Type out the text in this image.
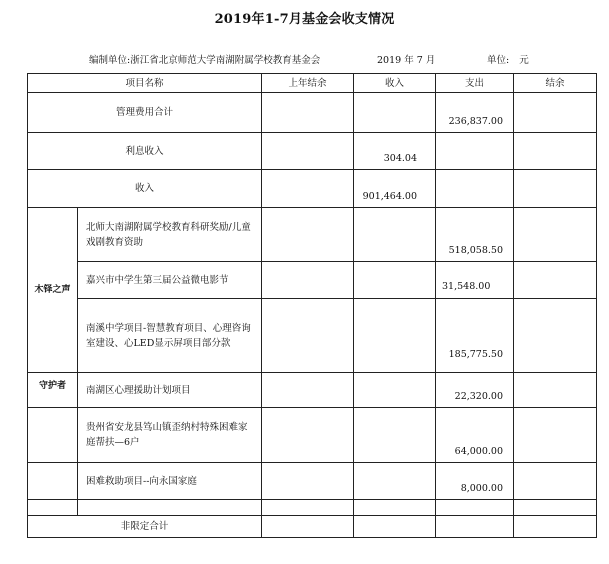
2019年1-7月基金会收支情况
编制单位:浙江省北京师范大学南湖附属学校教育基金会	2019 年 7 月	单位: 元
项目名称		上年结余	收入	支出	结余
管理费用合计				236,837.00	
利息收入			304.04		
收入			901,464.00		
木铎之声	北师大南湖附属学校教育科研奖励/儿童戏剧教育资助			518,058.50	
	嘉兴市中学生第三届公益微电影节			31,548.00	
	南溪中学项目-智慧教育项目、心理咨询室建设、心LED显示屏项目部分款			185,775.50	
守护者	南湖区心理援助计划项目			22,320.00	
	贵州省安龙县笃山镇歪纳村特殊困难家庭帮扶—6户			64,000.00	
	困难救助项目--向永国家庭			8,000.00	

非限定合计					
